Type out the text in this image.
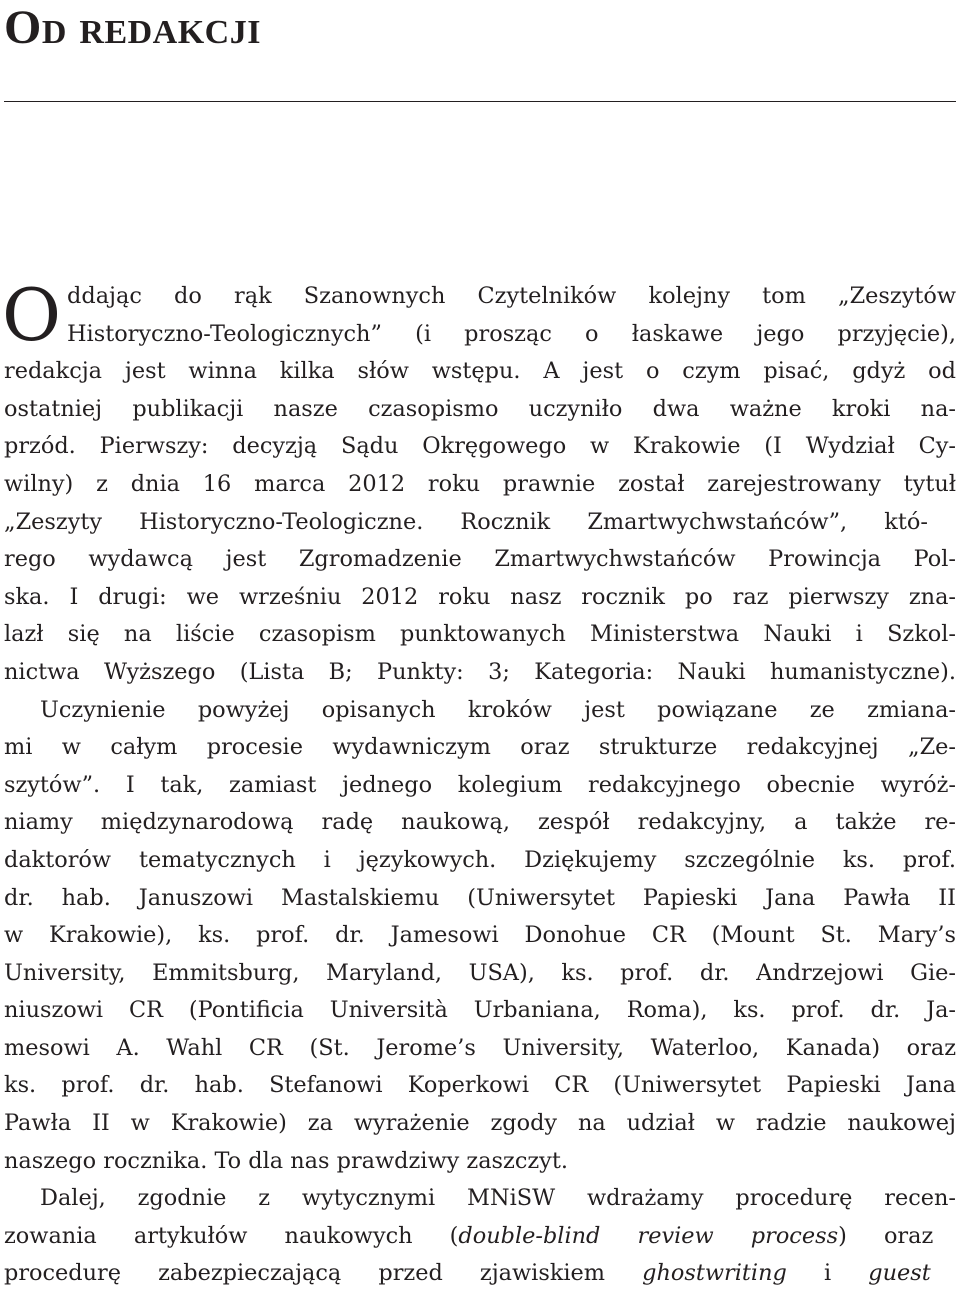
Od redakcji
O ddając do rąk Szanownych Czytelników kolejny tom „Zeszytów
Historyczno-Teologicznych” (i prosząc o łaskawe jego przyjęcie),
redakcja jest winna kilka słów wstępu. A jest o czym pisać, gdyż od
ostatniej publikacji nasze czasopismo uczyniło dwa ważne kroki na-
przód. Pierwszy: decyzją Sądu Okręgowego w Krakowie (I Wydział Cy-
wilny) z dnia 16 marca 2012 roku prawnie został zarejestrowany tytuł
„Zeszyty Historyczno-Teologiczne. Rocznik Zmartwychwstańców”, któ-
rego wydawcą jest Zgromadzenie Zmartwychwstańców Prowincja Pol-
ska. I drugi: we wrześniu 2012 roku nasz rocznik po raz pierwszy zna-
lazł się na liście czasopism punktowanych Ministerstwa Nauki i Szkol-
nictwa Wyższego (Lista B; Punkty: 3; Kategoria: Nauki humanistyczne).
Uczynienie powyżej opisanych kroków jest powiązane ze zmiana-
mi w całym procesie wydawniczym oraz strukturze redakcyjnej „Ze-
szytów”. I tak, zamiast jednego kolegium redakcyjnego obecnie wyróż-
niamy międzynarodową radę naukową, zespół redakcyjny, a także re-
daktorów tematycznych i językowych. Dziękujemy szczególnie ks. prof.
dr. hab. Januszowi Mastalskiemu (Uniwersytet Papieski Jana Pawła II
w Krakowie), ks. prof. dr. Jamesowi Donohue CR (Mount St. Mary’s
University, Emmitsburg, Maryland, USA), ks. prof. dr. Andrzejowi Gie-
niuszowi CR (Pontificia Università Urbaniana, Roma), ks. prof. dr. Ja-
mesowi A. Wahl CR (St. Jerome’s University, Waterloo, Kanada) oraz
ks. prof. dr. hab. Stefanowi Koperkowi CR (Uniwersytet Papieski Jana
Pawła II w Krakowie) za wyrażenie zgody na udział w radzie naukowej
naszego rocznika. To dla nas prawdziwy zaszczyt.
Dalej, zgodnie z wytycznymi MNiSW wdrażamy procedurę recen-
zowania artykułów naukowych (double-blind review process) oraz
procedurę zabezpieczającą przed zjawiskiem ghostwriting i guest
